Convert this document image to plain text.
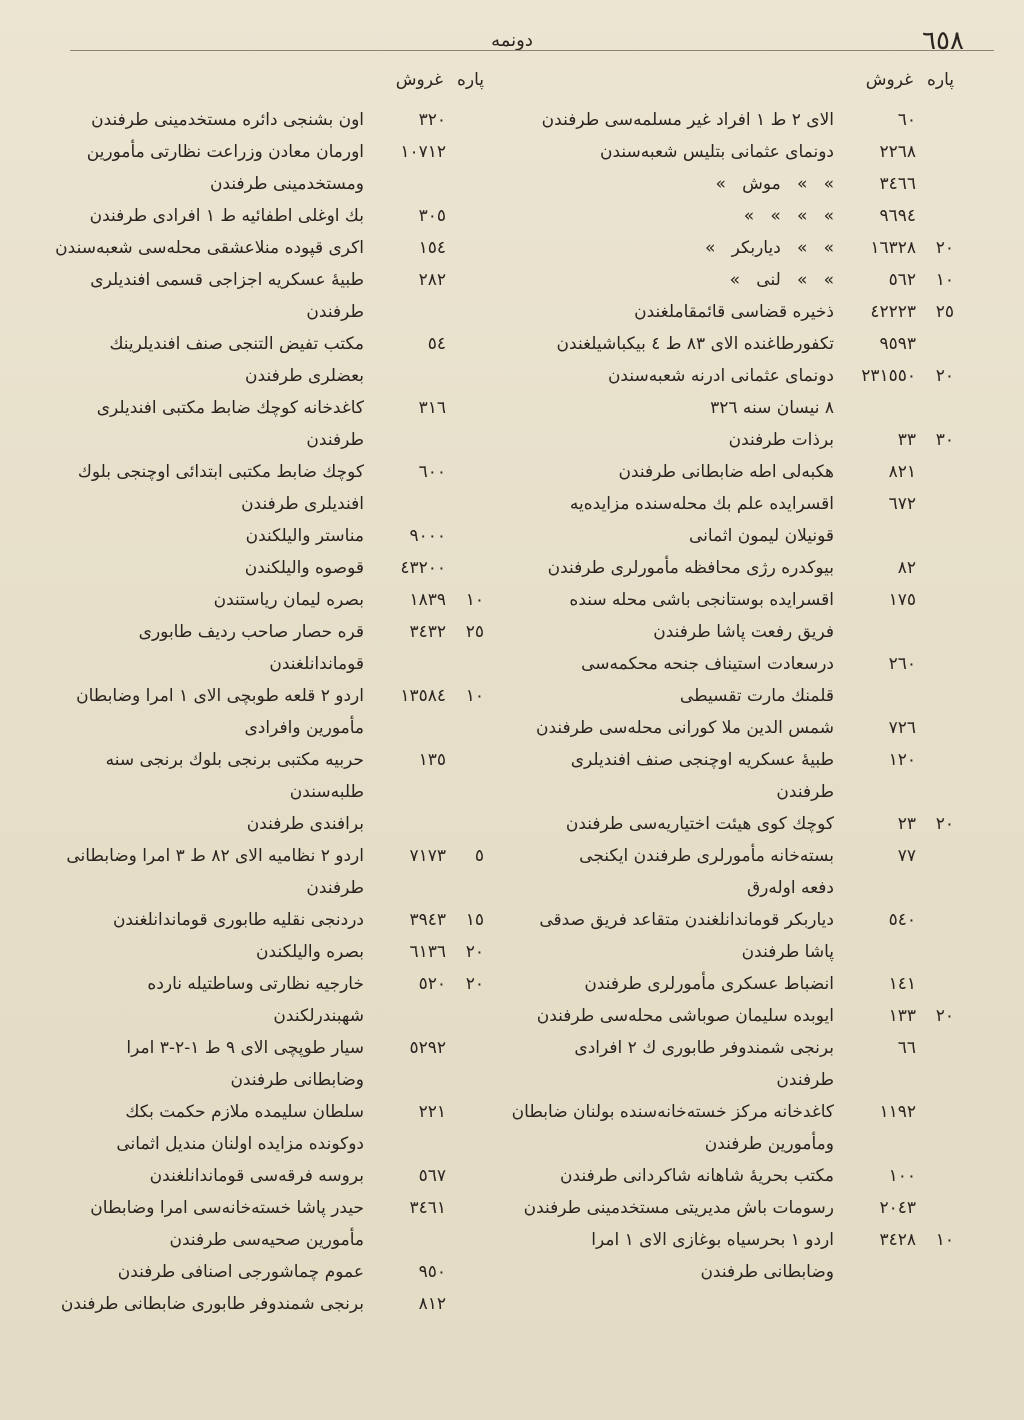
٦٥٨
دونمه
پاره
غروش
٦٠
الای ٢ ط ١ افراد غیر مسلمه‌سی طرفندن
٢٢٦٨
دونمای عثمانی بتلیس شعبه‌سندن
٣٤٦٦
»   »   موش   »
٩٦٩٤
»   »   »   »
٢٠
١٦٣٢٨
»   »   دیاربکر   »
١٠
٥٦٢
»   »   لنی   »
٢٥
٤٢٢٢٣
ذخیره قضاسی قائمقاملغندن
٩٥٩٣
تکفورطاغنده الای ٨٣ ط ٤ بیکباشیلغندن
٢٠
٢٣١٥٥٠
دونمای عثمانی ادرنه شعبه‌سندن
٨ نیسان سنه ٣٢٦
٣٠
٣٣
برذات طرفندن
٨٢١
هکبه‌لی اطه ضابطانی طرفندن
٦٧٢
اقسرایده علم بك محله‌سنده مزایده‌یه
قونیلان لیمون اثمانی
٨٢
بیوکدره رژی محافظه مأمورلری طرفندن
١٧٥
اقسرایده بوستانجی باشی محله سنده
فریق رفعت پاشا طرفندن
٢٦٠
درسعادت استیناف جنحه محکمه‌سی
قلمنك مارت تقسیطی
٧٢٦
شمس الدین ملا کورانی محله‌سی طرفندن
١٢٠
طبیهٔ عسکریه اوچنجی صنف افندیلری
طرفندن
٢٠
٢٣
کوچك کوی هیئت اختیاریه‌سی طرفندن
٧٧
بسته‌خانه مأمورلری طرفندن ایکنجی
دفعه اوله‌رق
٥٤٠
دیاربکر قوماندانلغندن متقاعد فریق صدقی
پاشا طرفندن
١٤١
انضباط عسکری مأمورلری طرفندن
٢٠
١٣٣
ایوبده سلیمان صوباشی محله‌سی طرفندن
٦٦
برنجی شمندوفر طابوری ك ٢ افرادی
طرفندن
١١٩٢
کاغدخانه مرکز خسته‌خانه‌سنده بولنان ضابطان
ومأمورین طرفندن
١٠٠
مکتب بحریهٔ شاهانه شاکردانی طرفندن
٢٠٤٣
رسومات باش مدیریتی مستخدمینی طرفندن
١٠
٣٤٢٨
اردو ١ بحرسیاه بوغازی الای ١ امرا
وضابطانی طرفندن
پاره
غروش
٣٢٠
اون بشنجی دائره مستخدمینی طرفندن
١٠٧١٢
اورمان معادن وزراعت نظارتی مأمورین
ومستخدمینی طرفندن
٣٠٥
بك اوغلی اطفائیه ط ١ افرادی طرفندن
١٥٤
اکری قپوده منلاعشقی محله‌سی شعبه‌سندن
٢٨٢
طبیهٔ عسکریه اجزاجی قسمی افندیلری
طرفندن
٥٤
مکتب تفیض التنجی صنف افندیلرینك
بعضلری طرفندن
٣١٦
کاغدخانه کوچك ضابط مکتبی افندیلری
طرفندن
٦٠٠
کوچك ضابط مکتبی ابتدائی اوچنجی بلوك
افندیلری طرفندن
٩٠٠٠
مناستر والیلکندن
٤٣٢٠٠
قوصوه والیلکندن
١٠
١٨٣٩
بصره لیمان ریاستندن
٢٥
٣٤٣٢
قره حصار صاحب ردیف طابوری
قوماندانلغندن
١٠
١٣٥٨٤
اردو ٢ قلعه طوبچی الای ١ امرا وضابطان
مأمورین وافرادی
١٣٥
حربیه مکتبی برنجی بلوك برنجی سنه طلبه‌سندن
برافندی طرفندن
٥
٧١٧٣
اردو ٢ نظامیه الای ٨٢ ط ٣ امرا وضابطانی
طرفندن
١٥
٣٩٤٣
دردنجی نقلیه طابوری قوماندانلغندن
٢٠
٦١٣٦
بصره والیلکندن
٢٠
٥٢٠
خارجیه نظارتی وساطتیله نارده
شهبندرلکندن
٥٢٩٢
سیار طوپچی الای ٩ ط ١-٢-٣ امرا
وضابطانی طرفندن
٢٢١
سلطان سلیمده ملازم حکمت بکك
دوکونده مزایده اولنان مندیل اثمانی
٥٦٧
بروسه فرقه‌سی قوماندانلغندن
٣٤٦١
حیدر پاشا خسته‌خانه‌سی امرا وضابطان
مأمورین صحیه‌سی طرفندن
٩٥٠
عموم چماشورجی اصنافی طرفندن
٨١٢
برنجی شمندوفر طابوری ضابطانی طرفندن
